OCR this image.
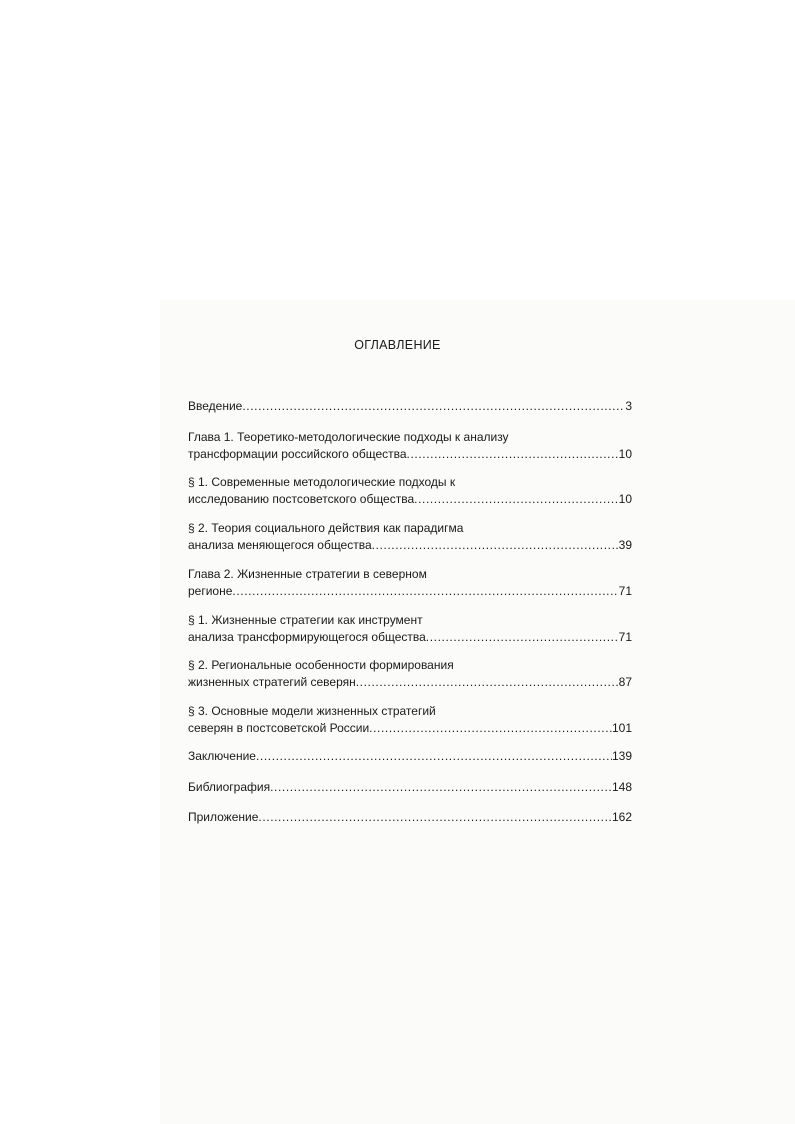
ОГЛАВЛЕНИЕ
Введение .....	3
Глава 1. Теоретико-методологические подходы к анализу
трансформации российского общества .....	10
§ 1. Современные методологические подходы к
исследованию постсоветского общества .....	10
§ 2. Теория социального действия как парадигма
анализа меняющегося общества .....	.39
Глава 2. Жизненные стратегии в северном
регионе .....	71
§ 1. Жизненные стратегии как инструмент
анализа трансформирующегося общества .....	71
§ 2. Региональные особенности формирования
жизненных стратегий северян .....	87
§ 3. Основные модели жизненных стратегий
северян в постсоветской России .....	101
Заключение .....	139
Библиография .....	148
Приложение .....	162
